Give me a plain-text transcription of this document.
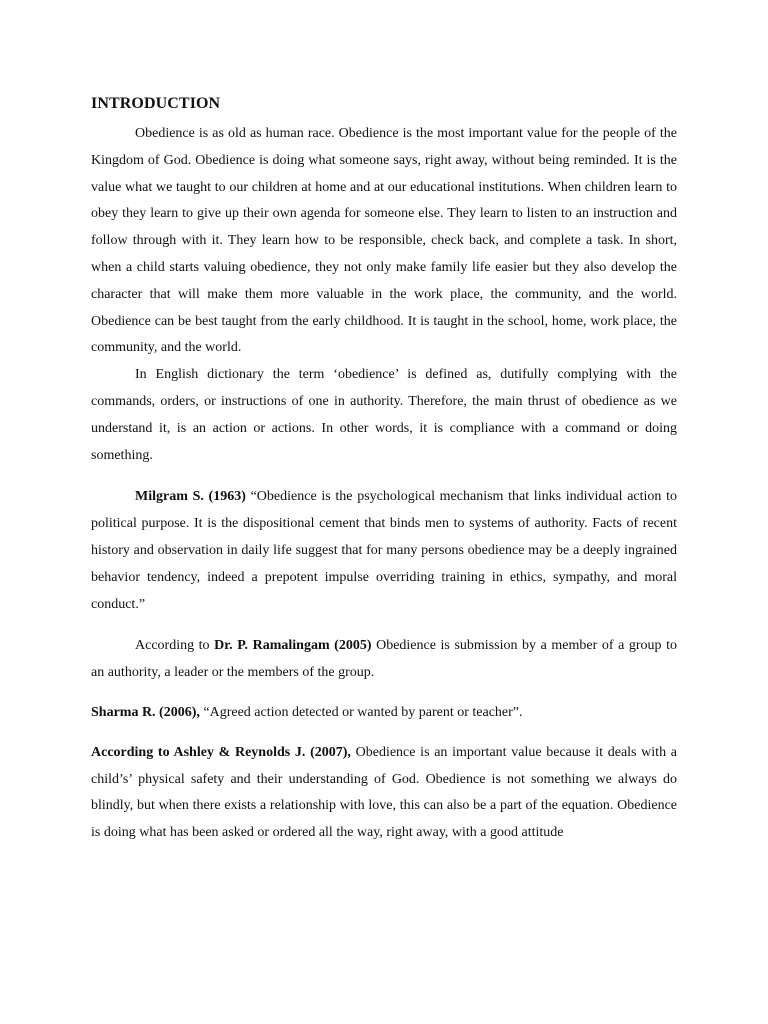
INTRODUCTION

Obedience is as old as human race. Obedience is the most important value for the people of the Kingdom of God. Obedience is doing what someone says, right away, without being reminded. It is the value what we taught to our children at home and at our educational institutions. When children learn to obey they learn to give up their own agenda for someone else. They learn to listen to an instruction and follow through with it. They learn how to be responsible, check back, and complete a task. In short, when a child starts valuing obedience, they not only make family life easier but they also develop the character that will make them more valuable in the work place, the community, and the world. Obedience can be best taught from the early childhood. It is taught in the school, home, work place, the community, and the world.

In English dictionary the term ‘obedience’ is defined as, dutifully complying with the commands, orders, or instructions of one in authority. Therefore, the main thrust of obedience as we understand it, is an action or actions. In other words, it is compliance with a command or doing something.

Milgram S. (1963) “Obedience is the psychological mechanism that links individual action to political purpose. It is the dispositional cement that binds men to systems of authority. Facts of recent history and observation in daily life suggest that for many persons obedience may be a deeply ingrained behavior tendency, indeed a prepotent impulse overriding training in ethics, sympathy, and moral conduct.”

According to Dr. P. Ramalingam (2005) Obedience is submission by a member of a group to an authority, a leader or the members of the group.

Sharma R. (2006), “Agreed action detected or wanted by parent or teacher”.

According to Ashley & Reynolds J. (2007), Obedience is an important value because it deals with a child’s’ physical safety and their understanding of God. Obedience is not something we always do blindly, but when there exists a relationship with love, this can also be a part of the equation. Obedience is doing what has been asked or ordered all the way, right away, with a good attitude
